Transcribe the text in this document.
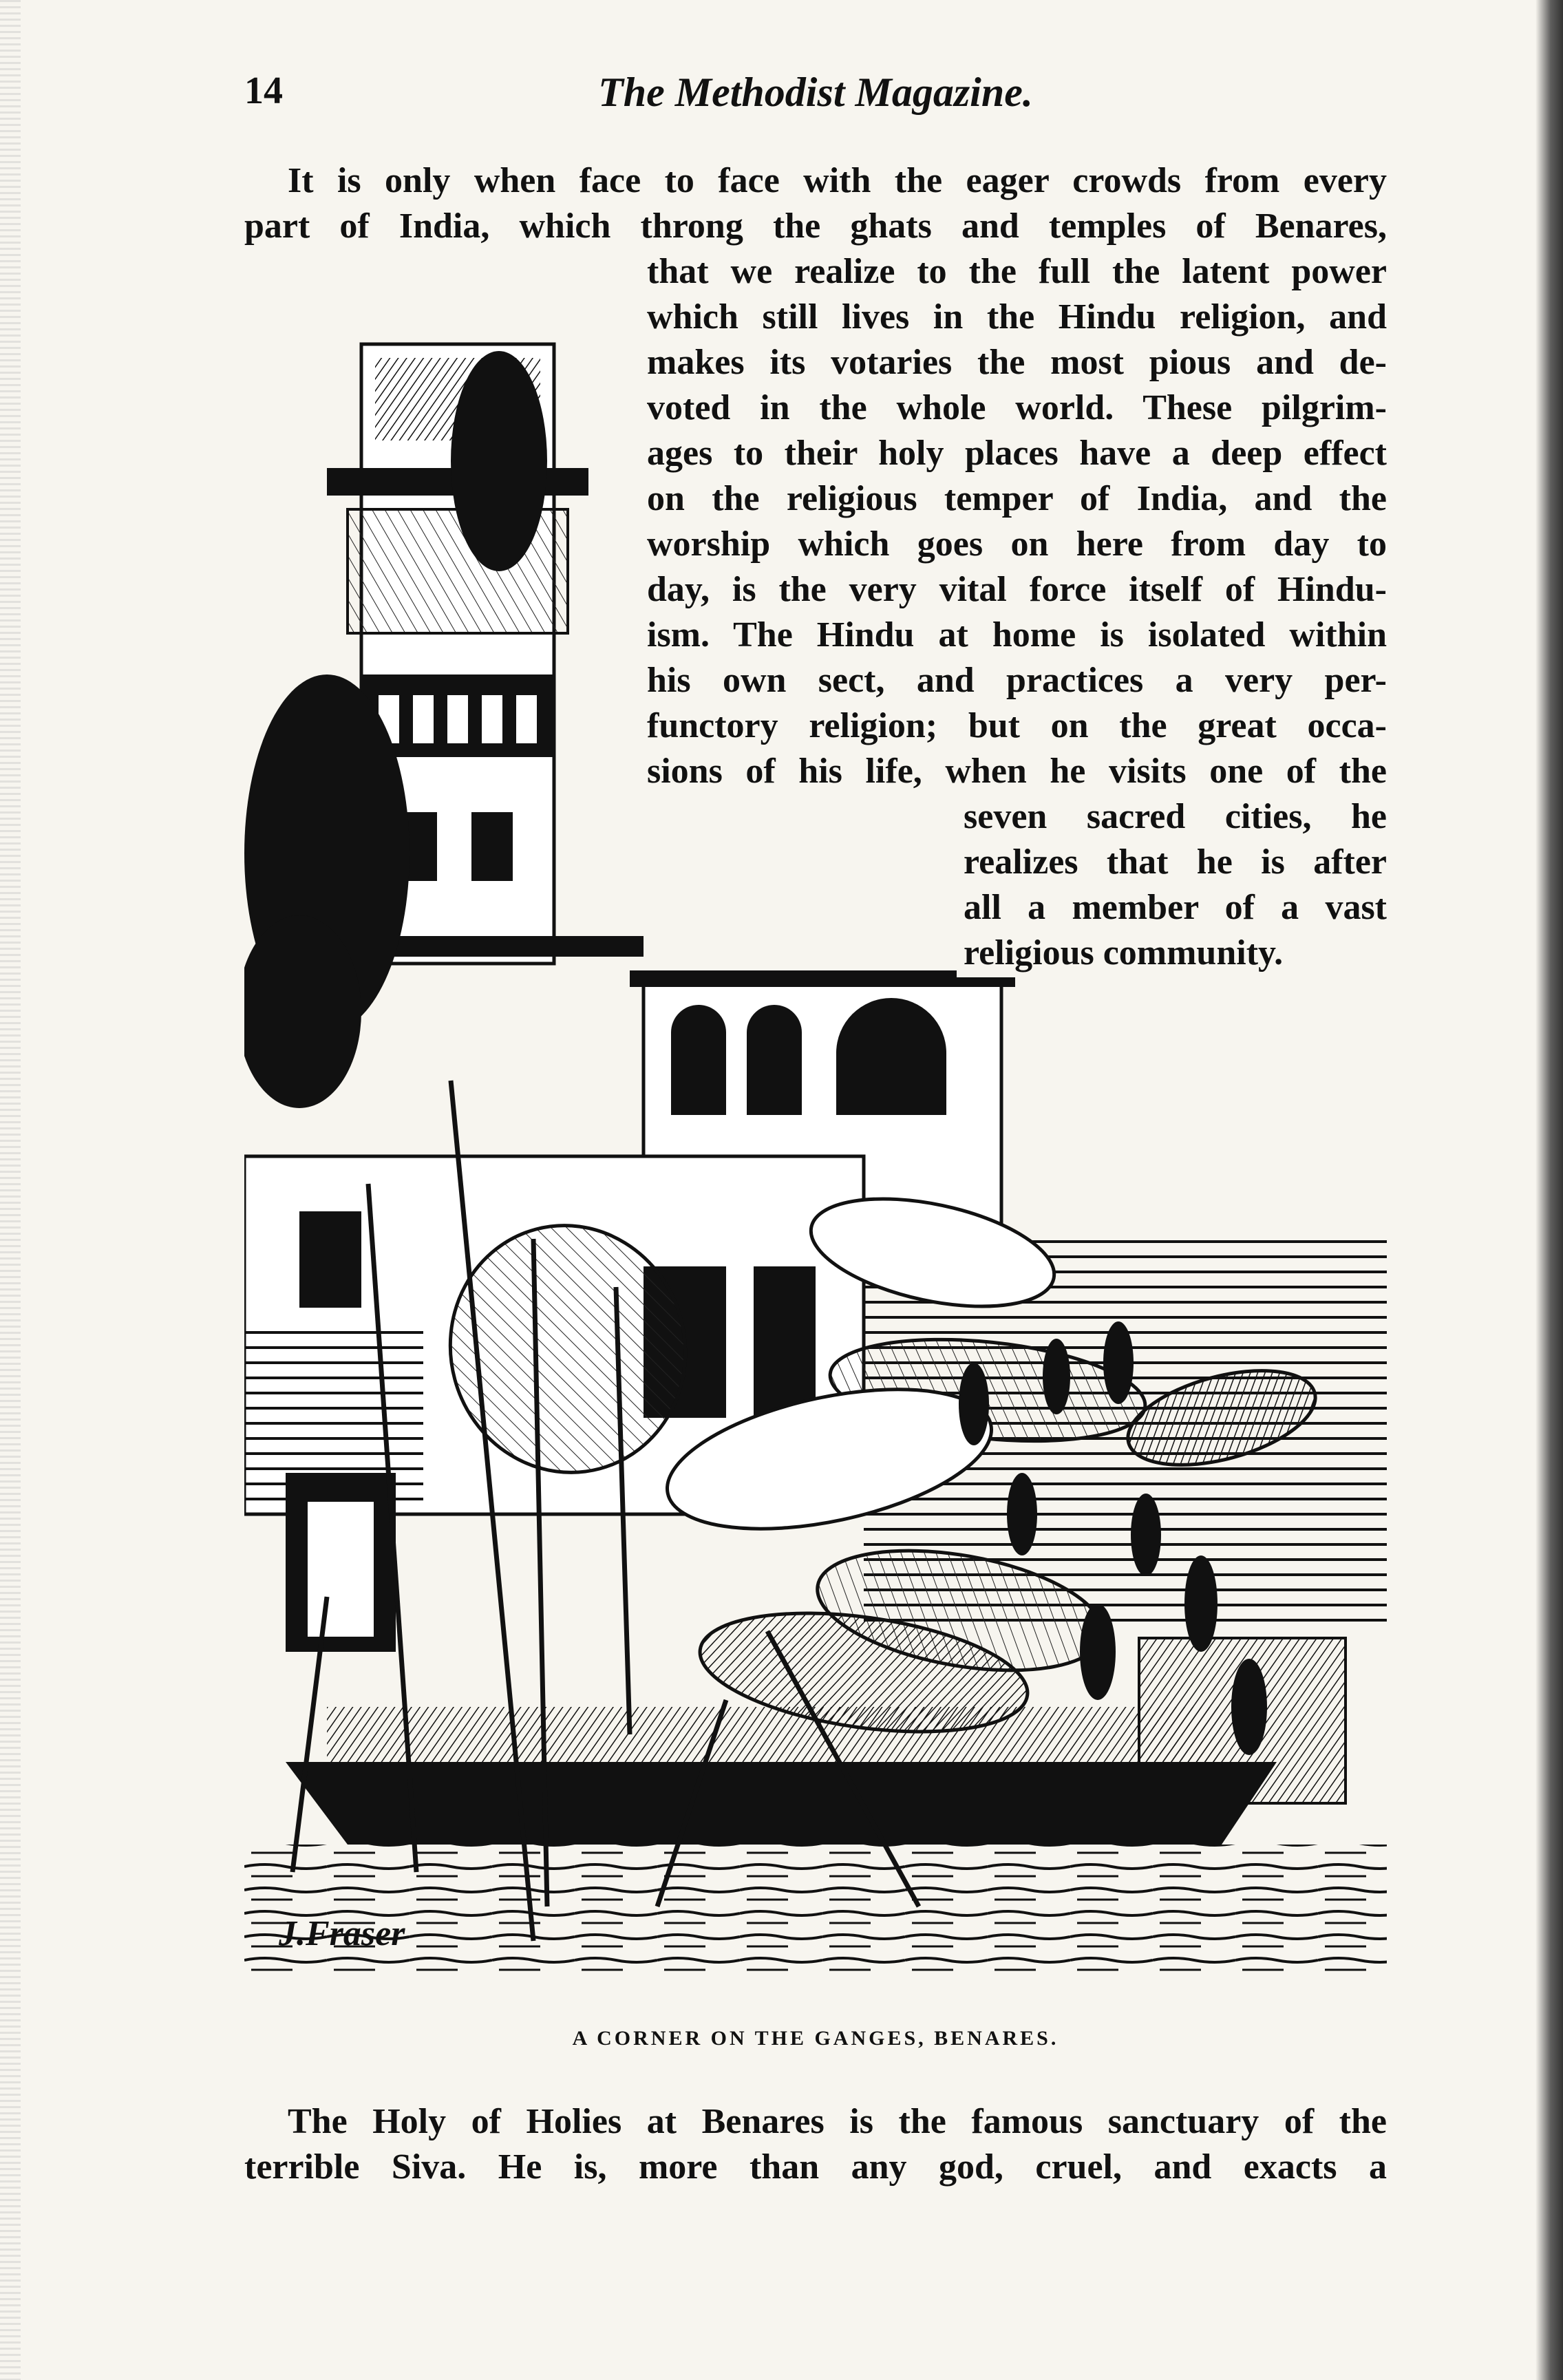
14	The Methodist Magazine.
It is only when face to face with the eager crowds from every
part of India, which throng the ghats and temples of Benares,
that we realize to the full the latent power
which still lives in the Hindu religion, and
makes its votaries the most pious and de-
voted in the whole world. These pilgrim-
ages to their holy places have a deep effect
on the religious temper of India, and the
worship which goes on here from day to
day, is the very vital force itself of Hindu-
ism. The Hindu at home is isolated within
his own sect, and practices a very per-
functory religion; but on the great occa-
sions of his life, when he visits one of the
seven sacred cities, he
realizes that he is after
all a member of a vast
religious community.
J.Fraser
A CORNER ON THE GANGES, BENARES.
The Holy of Holies at Benares is the famous sanctuary of the
terrible Siva. He is, more than any god, cruel, and exacts a
